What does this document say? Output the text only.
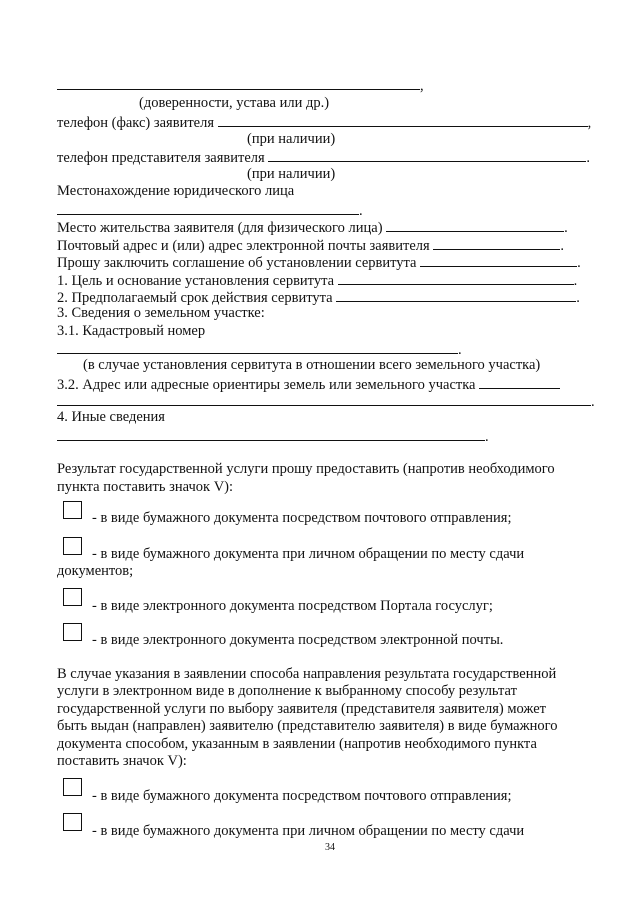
,
(доверенности, устава или др.)
телефон (факс) заявителя	,
(при наличии)
телефон представителя заявителя	.
(при наличии)
Местонахождение юридического лица
.
Место жительства заявителя (для физического лица)	.
Почтовый адрес и (или) адрес электронной почты заявителя	.
Прошу заключить соглашение об установлении сервитута	.
1. Цель и основание установления сервитута	.
2. Предполагаемый срок действия сервитута	.
3. Сведения о земельном участке:
3.1. Кадастровый номер
.
(в случае установления сервитута в отношении всего земельного участка)
3.2. Адрес или адресные ориентиры земель или земельного участка
.
4. Иные сведения
.
Результат государственной услуги прошу предоставить (напротив необходимого
пункта поставить значок V):
- в виде бумажного документа посредством почтового отправления;
- в виде бумажного документа при личном обращении по месту сдачи
документов;
- в виде электронного документа посредством Портала госуслуг;
- в виде электронного документа посредством электронной почты.
В случае указания в заявлении способа направления результата государственной
услуги в электронном виде в дополнение к выбранному способу результат
государственной услуги по выбору заявителя (представителя заявителя) может
быть выдан (направлен) заявителю (представителю заявителя) в виде бумажного
документа способом, указанным в заявлении (напротив необходимого пункта
поставить значок V):
- в виде бумажного документа посредством почтового отправления;
- в виде бумажного документа при личном обращении по месту сдачи
34
